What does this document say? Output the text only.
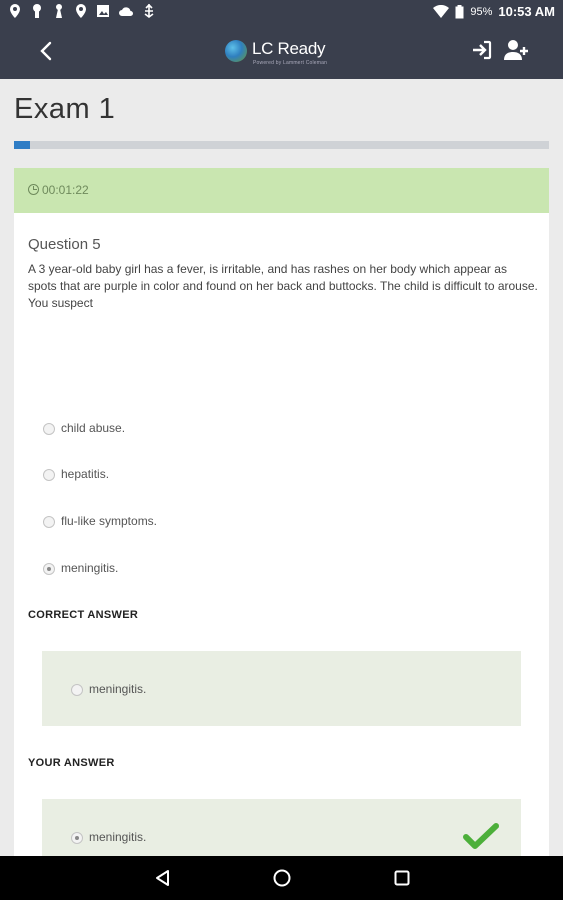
95% 10:53 AM
LC Ready
Powered by Lammert Coleman
Exam 1
00:01:22
Question 5
A 3 year-old baby girl has a fever, is irritable, and has rashes on her body which appear as spots that are purple in color and found on her back and buttocks. The child is difficult to arouse. You suspect
child abuse.
hepatitis.
flu-like symptoms.
meningitis.
CORRECT ANSWER
meningitis.
YOUR ANSWER
meningitis.
